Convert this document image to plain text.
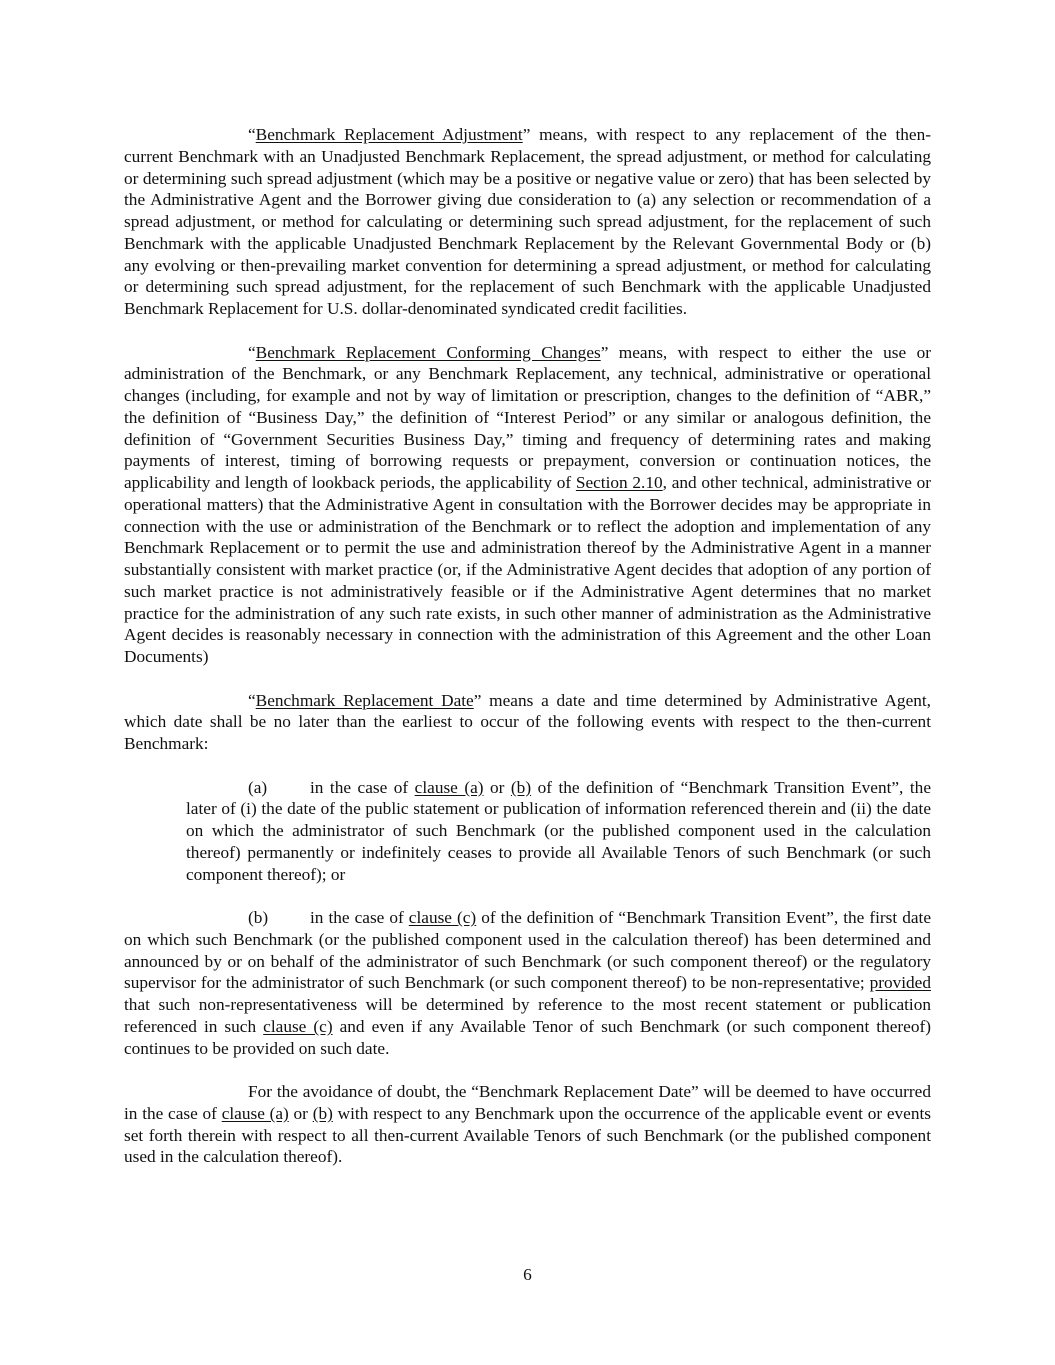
“Benchmark Replacement Adjustment” means, with respect to any replacement of the then-current Benchmark with an Unadjusted Benchmark Replacement, the spread adjustment, or method for calculating or determining such spread adjustment (which may be a positive or negative value or zero) that has been selected by the Administrative Agent and the Borrower giving due consideration to (a) any selection or recommendation of a spread adjustment, or method for calculating or determining such spread adjustment, for the replacement of such Benchmark with the applicable Unadjusted Benchmark Replacement by the Relevant Governmental Body or (b) any evolving or then-prevailing market convention for determining a spread adjustment, or method for calculating or determining such spread adjustment, for the replacement of such Benchmark with the applicable Unadjusted Benchmark Replacement for U.S. dollar-denominated syndicated credit facilities.

“Benchmark Replacement Conforming Changes” means, with respect to either the use or administration of the Benchmark, or any Benchmark Replacement, any technical, administrative or operational changes (including, for example and not by way of limitation or prescription, changes to the definition of “ABR,” the definition of “Business Day,” the definition of “Interest Period” or any similar or analogous definition, the definition of “Government Securities Business Day,” timing and frequency of determining rates and making payments of interest, timing of borrowing requests or prepayment, conversion or continuation notices, the applicability and length of lookback periods, the applicability of Section 2.10, and other technical, administrative or operational matters) that the Administrative Agent in consultation with the Borrower decides may be appropriate in connection with the use or administration of the Benchmark or to reflect the adoption and implementation of any Benchmark Replacement or to permit the use and administration thereof by the Administrative Agent in a manner substantially consistent with market practice (or, if the Administrative Agent decides that adoption of any portion of such market practice is not administratively feasible or if the Administrative Agent determines that no market practice for the administration of any such rate exists, in such other manner of administration as the Administrative Agent decides is reasonably necessary in connection with the administration of this Agreement and the other Loan Documents)

“Benchmark Replacement Date” means a date and time determined by Administrative Agent, which date shall be no later than the earliest to occur of the following events with respect to the then-current Benchmark:

(a) in the case of clause (a) or (b) of the definition of “Benchmark Transition Event”, the later of (i) the date of the public statement or publication of information referenced therein and (ii) the date on which the administrator of such Benchmark (or the published component used in the calculation thereof) permanently or indefinitely ceases to provide all Available Tenors of such Benchmark (or such component thereof); or

(b) in the case of clause (c) of the definition of “Benchmark Transition Event”, the first date on which such Benchmark (or the published component used in the calculation thereof) has been determined and announced by or on behalf of the administrator of such Benchmark (or such component thereof) or the regulatory supervisor for the administrator of such Benchmark (or such component thereof) to be non-representative; provided that such non-representativeness will be determined by reference to the most recent statement or publication referenced in such clause (c) and even if any Available Tenor of such Benchmark (or such component thereof) continues to be provided on such date.

For the avoidance of doubt, the “Benchmark Replacement Date” will be deemed to have occurred in the case of clause (a) or (b) with respect to any Benchmark upon the occurrence of the applicable event or events set forth therein with respect to all then-current Available Tenors of such Benchmark (or the published component used in the calculation thereof).

6
